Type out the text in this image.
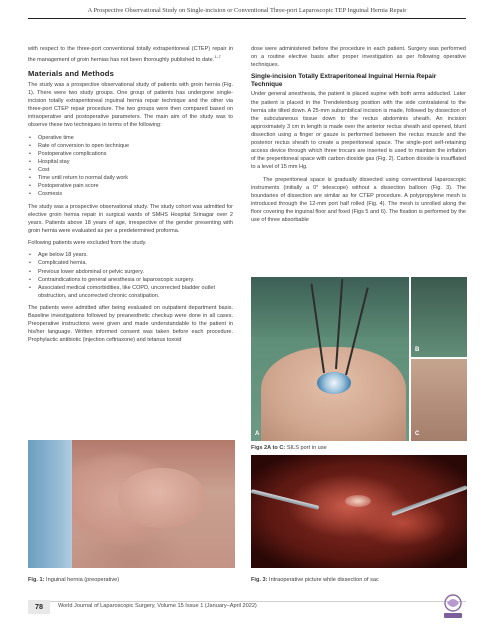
A Prospective Observational Study on Single-incision or Conventional Three-port Laparoscopic TEP Inguinal Hernia Repair

with respect to the three-port conventional totally extraperitoneal (CTEP) repair in the management of groin hernias has not been thoroughly published to date.$^{1-7}$

Materials and Methods

The study was a prospective observational study of patients with groin hernia (Fig. 1). There were two study groups. One group of patients has undergone single-incision totally extraperitoneal inguinal hernia repair technique and the other via three-port CTEP repair procedure. The two groups were then compared based on intraoperative and postoperative parameters. The main aim of the study was to observe these two techniques in terms of the following:

• Operative time
• Rate of conversion to open technique
• Postoperative complications
• Hospital stay
• Cost
• Time until return to normal daily work
• Postoperative pain score
• Cosmesis

The study was a prospective observational study. The study cohort was admitted for elective groin hernia repair in surgical wards of SMHS Hospital Srinagar over 2 years. Patients above 18 years of age, irrespective of the gender presenting with groin hernia were evaluated as per a predetermined proforma.

Following patients were excluded from the study.

• Age below 18 years.
• Complicated hernia.
• Previous lower abdominal or pelvic surgery.
• Contraindications to general anesthesia or laparoscopic surgery.
• Associated medical comorbidities, like COPD, uncorrected bladder outlet obstruction, and uncorrected chronic constipation.

The patients were admitted after being evaluated on outpatient department basis. Baseline investigations followed by preanesthetic checkup were done in all cases. Preoperative instructions were given and made understandable to the patient in his/her language. Written informed consent was taken before each procedure. Prophylactic antibiotic (injection ceftriaxone) and tetanus toxoid

dose were administered before the procedure in each patient. Surgery was performed on a routine elective basis after proper investigation as per following operative techniques.

Single-incision Totally Extraperitoneal Inguinal Hernia Repair Technique

Under general anesthesia, the patient is placed supine with both arms adducted. Later the patient is placed in the Trendelenburg position with the side contralateral to the hernia site tilted down. A 25-mm subumbilical incision is made, followed by dissection of the subcutaneous tissue down to the rectus abdominis sheath. An incision approximately 3 cm in length is made over the anterior rectus sheath and opened, blunt dissection using a finger or gauze is performed between the rectus muscle and the posterior rectus sheath to create a preperitoneal space. The single-port self-retaining access device through which three trocars are inserted is used to maintain the inflation of the preperitoneal space with carbon dioxide gas (Fig. 2). Carbon dioxide is insufflated to a level of 15 mm Hg.

The preperitoneal space is gradually dissected using conventional laparoscopic instruments (initially a 0° telescope) without a dissection balloon (Fig. 3). The boundaries of dissection are similar as for CTEP procedure. A polypropylene mesh is introduced through the 12-mm port half rolled (Fig. 4). The mesh is unrolled along the floor covering the inguinal floor and fixed (Figs 5 and 6). The fixation is performed by the use of three absorbable

A
B
C
Figs 2A to C: SILS port in use
Fig. 1: Inguinal hernia (preoperative)	Fig. 3: Intraoperative picture while dissection of sac
78	World Journal of Laparoscopic Surgery, Volume 15 Issue 1 (January–April 2022)
